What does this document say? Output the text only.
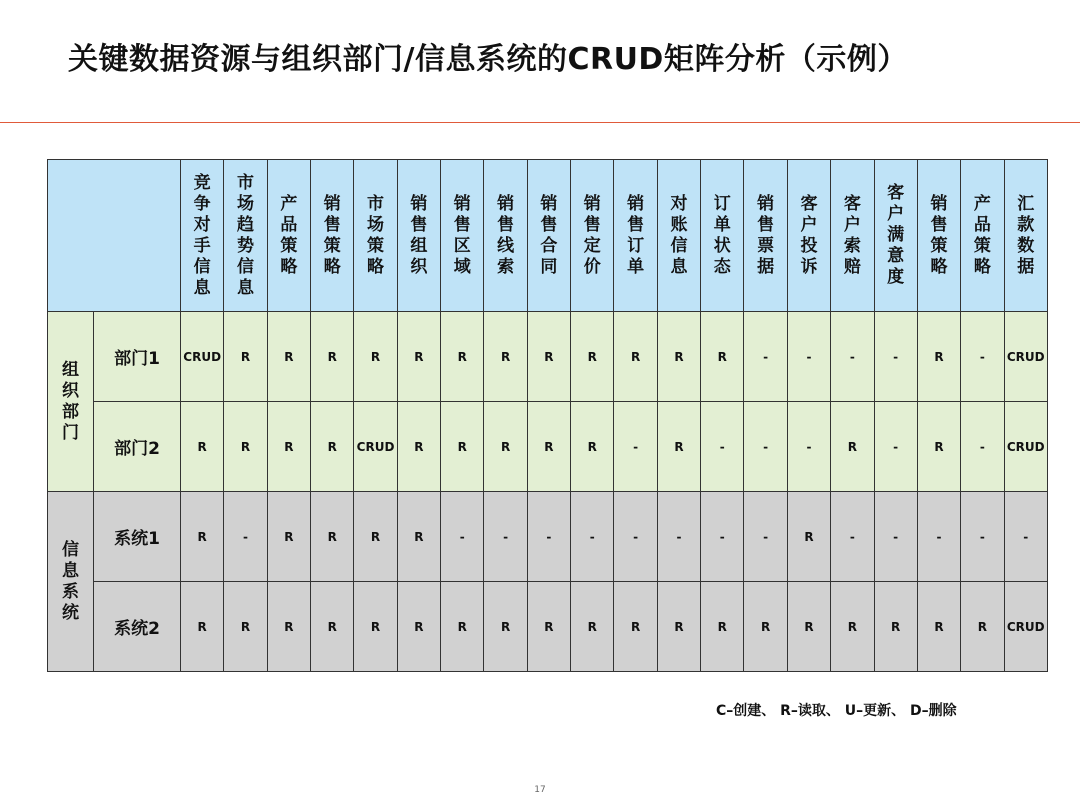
关键数据资源与组织部门/信息系统的CRUD矩阵分析（示例）
		竞争对手信息	市场趋势信息	产品策略	销售策略	市场策略	销售组织	销售区域	销售线索	销售合同	销售定价	销售订单	对账信息	订单状态	销售票据	客户投诉	客户索赔	客户满意度	销售策略	产品策略	汇款数据
组织部门	部门1	CRUD	R	R	R	R	R	R	R	R	R	R	R	R	-	-	-	-	R	-	CRUD
	部门2	R	R	R	R	CRUD	R	R	R	R	R	-	R	-	-	-	R	-	R	-	CRUD
信息系统	系统1	R	-	R	R	R	R	-	-	-	-	-	-	-	-	R	-	-	-	-	-
	系统2	R	R	R	R	R	R	R	R	R	R	R	R	R	R	R	R	R	R	R	CRUD
C–创建、 R–读取、 U–更新、 D–删除
17
